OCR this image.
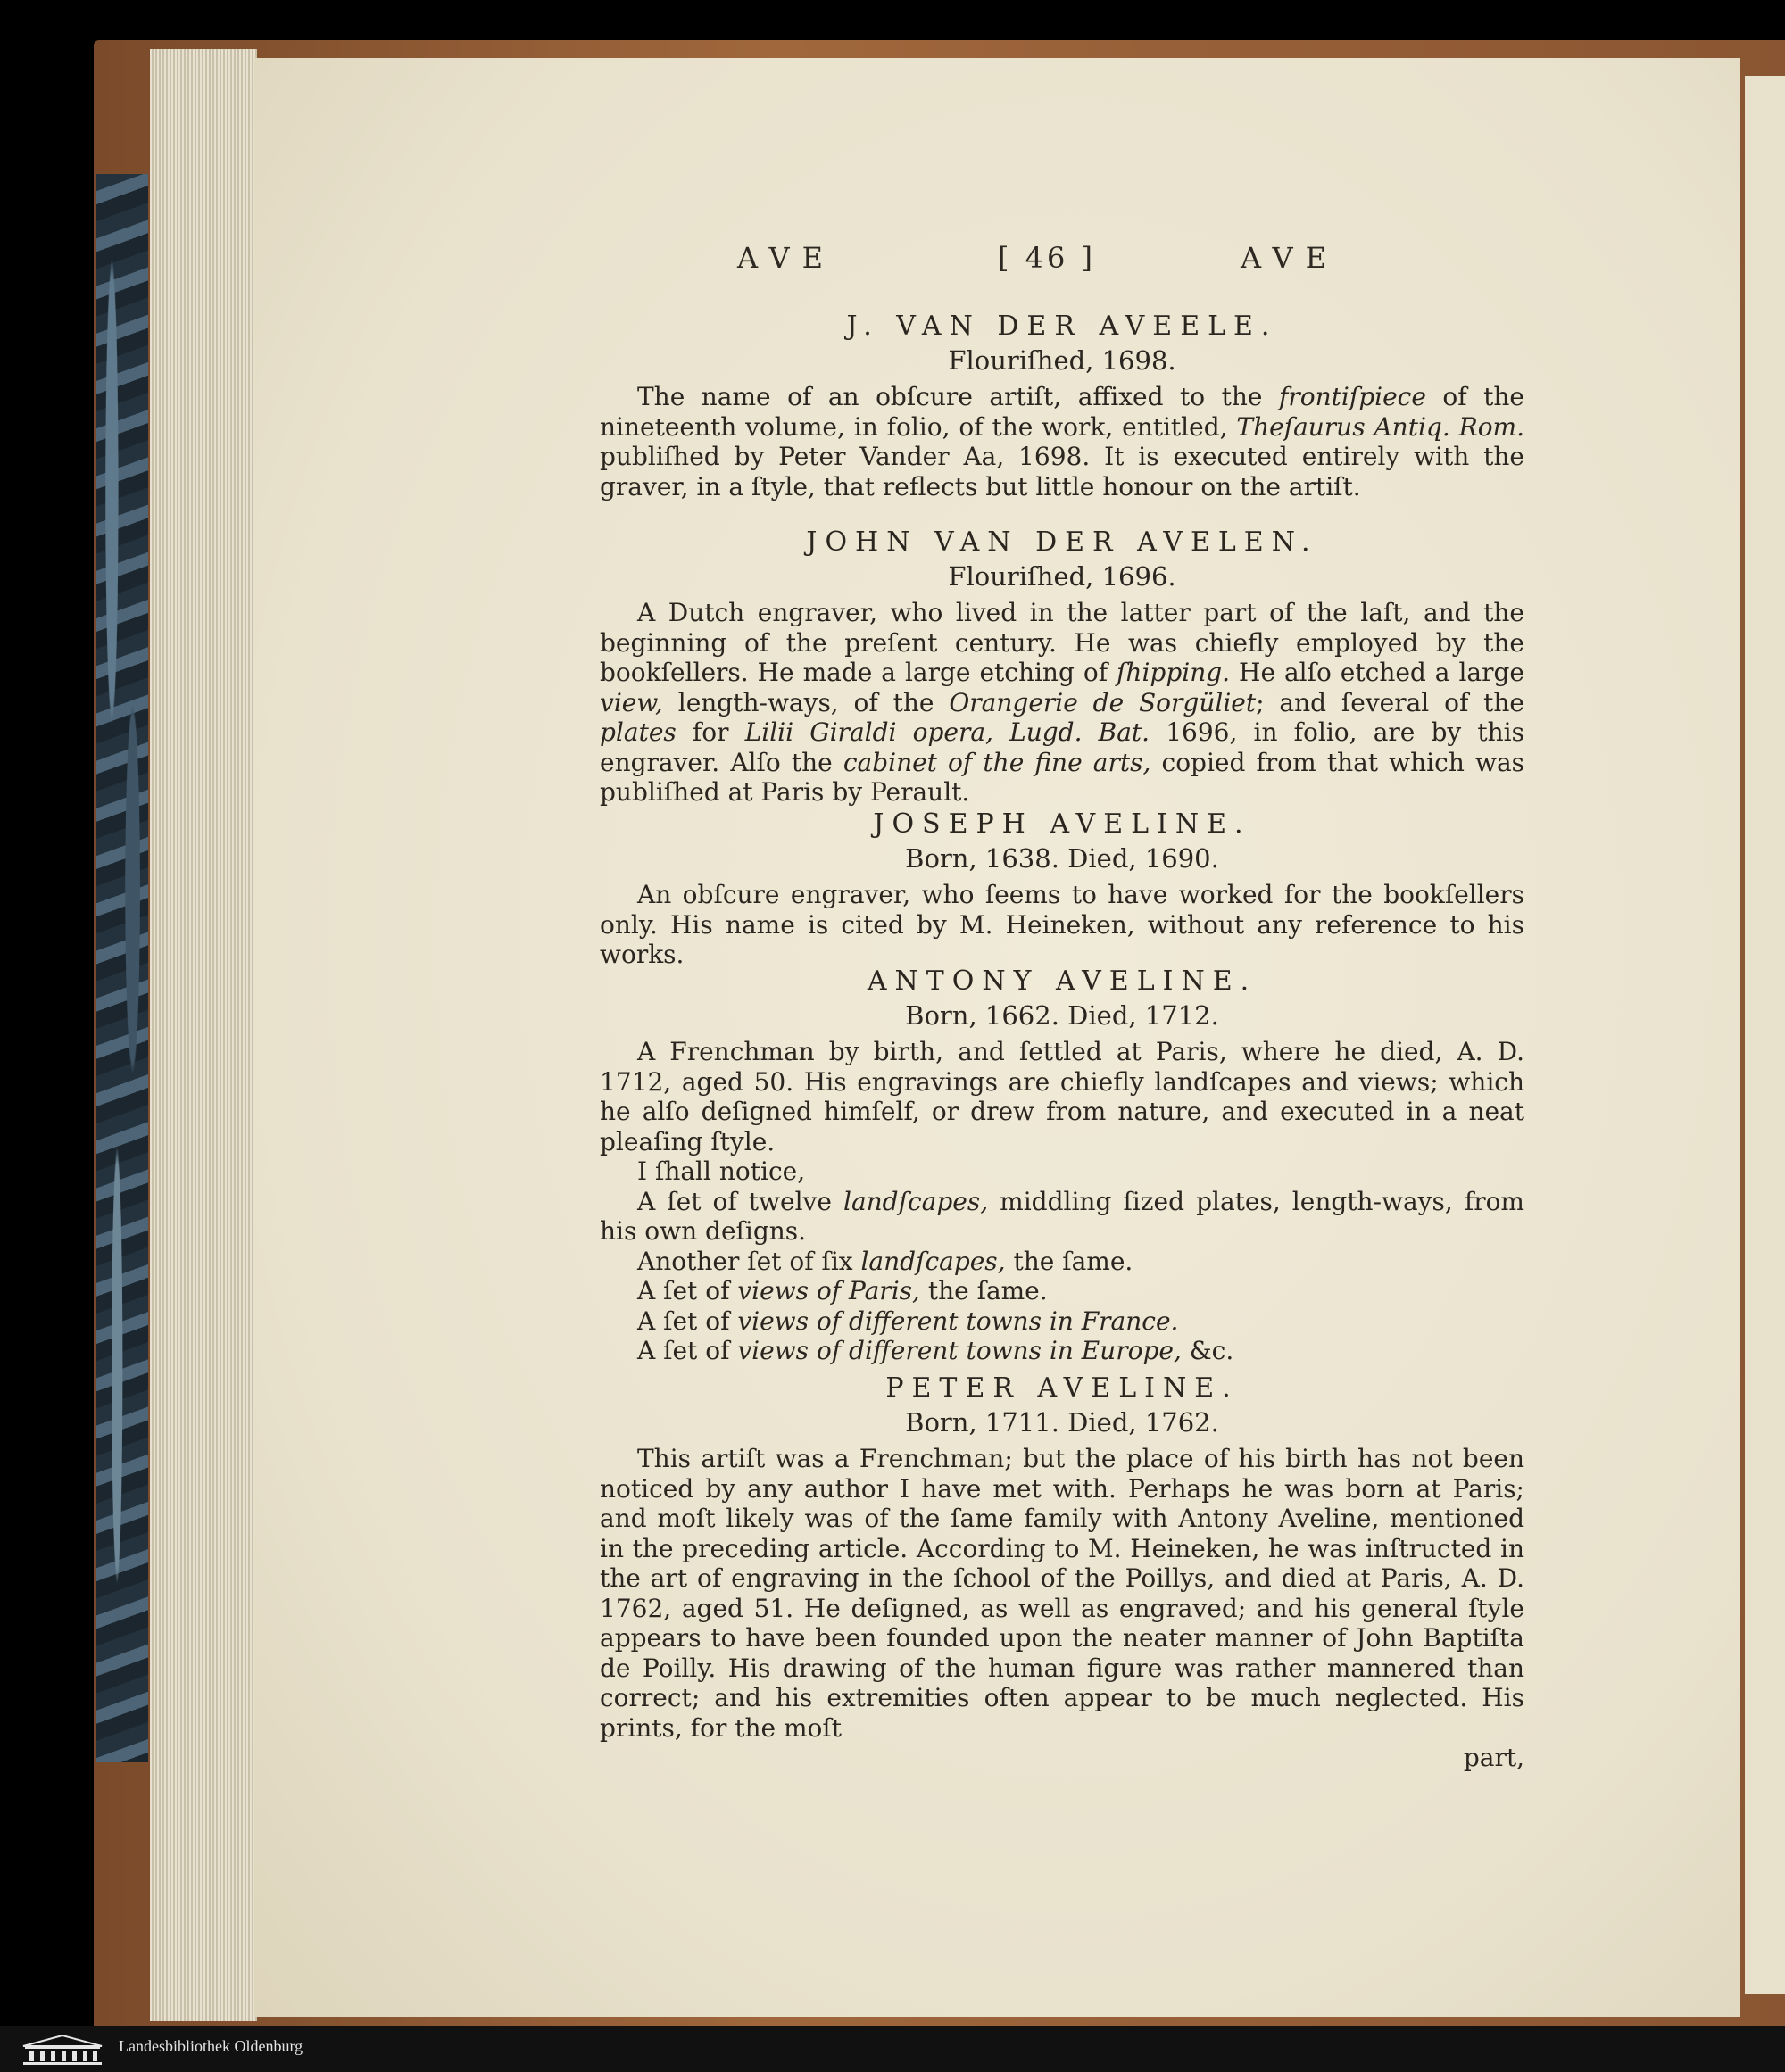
AVE	[ 46 ]	AVE
J. VAN DER AVEELE.

Flouriſhed, 1698.

The name of an obſcure artiſt, affixed to the frontiſpiece of the nineteenth volume, in folio, of the work, entitled, Theſaurus Antiq. Rom. publiſhed by Peter Vander Aa, 1698. It is executed entirely with the graver, in a ſtyle, that reflects but little honour on the artiſt.

JOHN VAN DER AVELEN.

Flouriſhed, 1696.

A Dutch engraver, who lived in the latter part of the laſt, and the beginning of the preſent century. He was chiefly employed by the bookſellers. He made a large etching of ſhipping. He alſo etched a large view, length-ways, of the Orangerie de Sorgüliet; and ſeveral of the plates for Lilii Giraldi opera, Lugd. Bat. 1696, in folio, are by this engraver. Alſo the cabinet of the fine arts, copied from that which was publiſhed at Paris by Perault.

JOSEPH AVELINE.

Born, 1638. Died, 1690.

An obſcure engraver, who ſeems to have worked for the bookſellers only. His name is cited by M. Heineken, without any reference to his works.

ANTONY AVELINE.

Born, 1662. Died, 1712.

A Frenchman by birth, and ſettled at Paris, where he died, A. D. 1712, aged 50. His engravings are chiefly landſcapes and views; which he alſo deſigned himſelf, or drew from nature, and executed in a neat pleaſing ſtyle.

I ſhall notice,

A ſet of twelve landſcapes, middling ſized plates, length-ways, from his own deſigns.

Another ſet of ſix landſcapes, the ſame.

A ſet of views of Paris, the ſame.

A ſet of views of different towns in France.

A ſet of views of different towns in Europe, &c.

PETER AVELINE.

Born, 1711. Died, 1762.

This artiſt was a Frenchman; but the place of his birth has not been noticed by any author I have met with. Perhaps he was born at Paris; and moſt likely was of the ſame family with Antony Aveline, mentioned in the preceding article. According to M. Heineken, he was inſtructed in the art of engraving in the ſchool of the Poillys, and died at Paris, A. D. 1762, aged 51. He deſigned, as well as engraved; and his general ſtyle appears to have been founded upon the neater manner of John Baptiſta de Poilly. His drawing of the human figure was rather mannered than correct; and his extremities often appear to be much neglected. His prints, for the moſt

part,

Landesbibliothek Oldenburg
